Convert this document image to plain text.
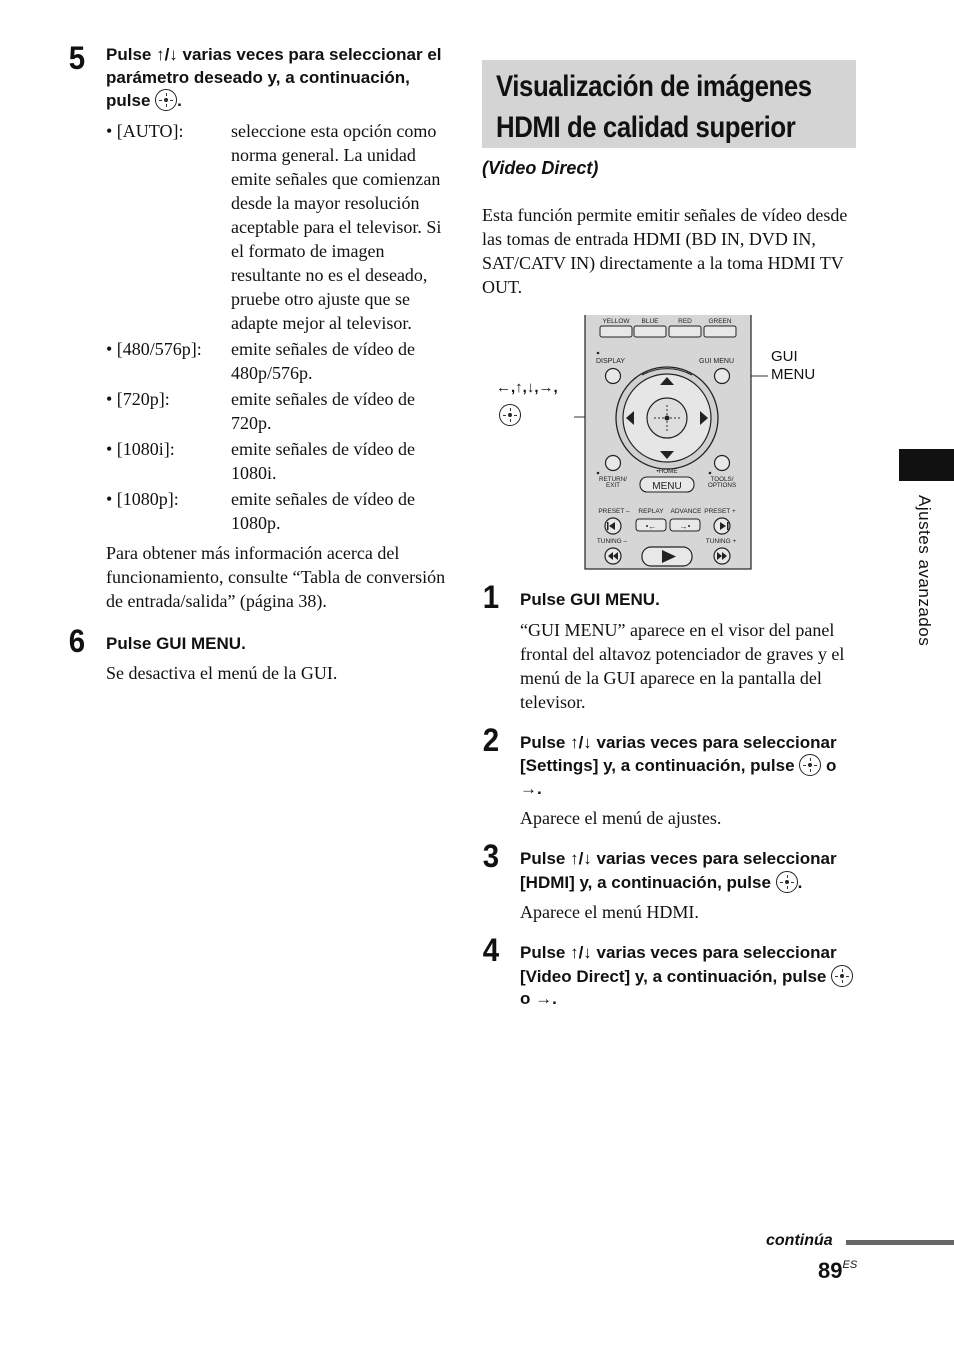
5 Pulse ↑/↓ varias veces para seleccionar el parámetro deseado y, a continuación, pulse .
• [AUTO]:	seleccione esta opción como norma general. La unidad emite señales que comienzan desde la mayor resolución aceptable para el televisor. Si el formato de imagen resultante no es el deseado, pruebe otro ajuste que se adapte mejor al televisor.
• [480/576p]:	emite señales de vídeo de 480p/576p.
• [720p]:	emite señales de vídeo de 720p.
• [1080i]:	emite señales de vídeo de 1080i.
• [1080p]:	emite señales de vídeo de 1080p.
Para obtener más información acerca del funcionamiento, consulte “Tabla de conversión de entrada/salida” (página 38).
6 Pulse GUI MENU.
Se desactiva el menú de la GUI.
Visualización de imágenes
HDMI de calidad superior
(Video Direct)
Esta función permite emitir señales de vídeo desde las tomas de entrada HDMI (BD IN, DVD IN, SAT/CATV IN) directamente a la toma HDMI TV OUT.
←,↑,↓,→,
GUI
MENU
YELLOW BLUE	RED	GREEN
DISPLAY	GUI MENU
•HOME
RETURN/
EXIT
TOOLS/
OPTIONS
MENU
PRESET – REPLAY ADVANCE PRESET +
•←	→•
TUNING –	TUNING +
1 Pulse GUI MENU.
“GUI MENU” aparece en el visor del panel frontal del altavoz potenciador de graves y el menú de la GUI aparece en la pantalla del televisor.
2 Pulse ↑/↓ varias veces para seleccionar [Settings] y, a continuación, pulse o →.
Aparece el menú de ajustes.
3 Pulse ↑/↓ varias veces para seleccionar [HDMI] y, a continuación, pulse .
Aparece el menú HDMI.
4 Pulse ↑/↓ varias veces para seleccionar [Video Direct] y, a continuación, pulse
o →.
Ajustes avanzados
continúa
$89^{ES}$
